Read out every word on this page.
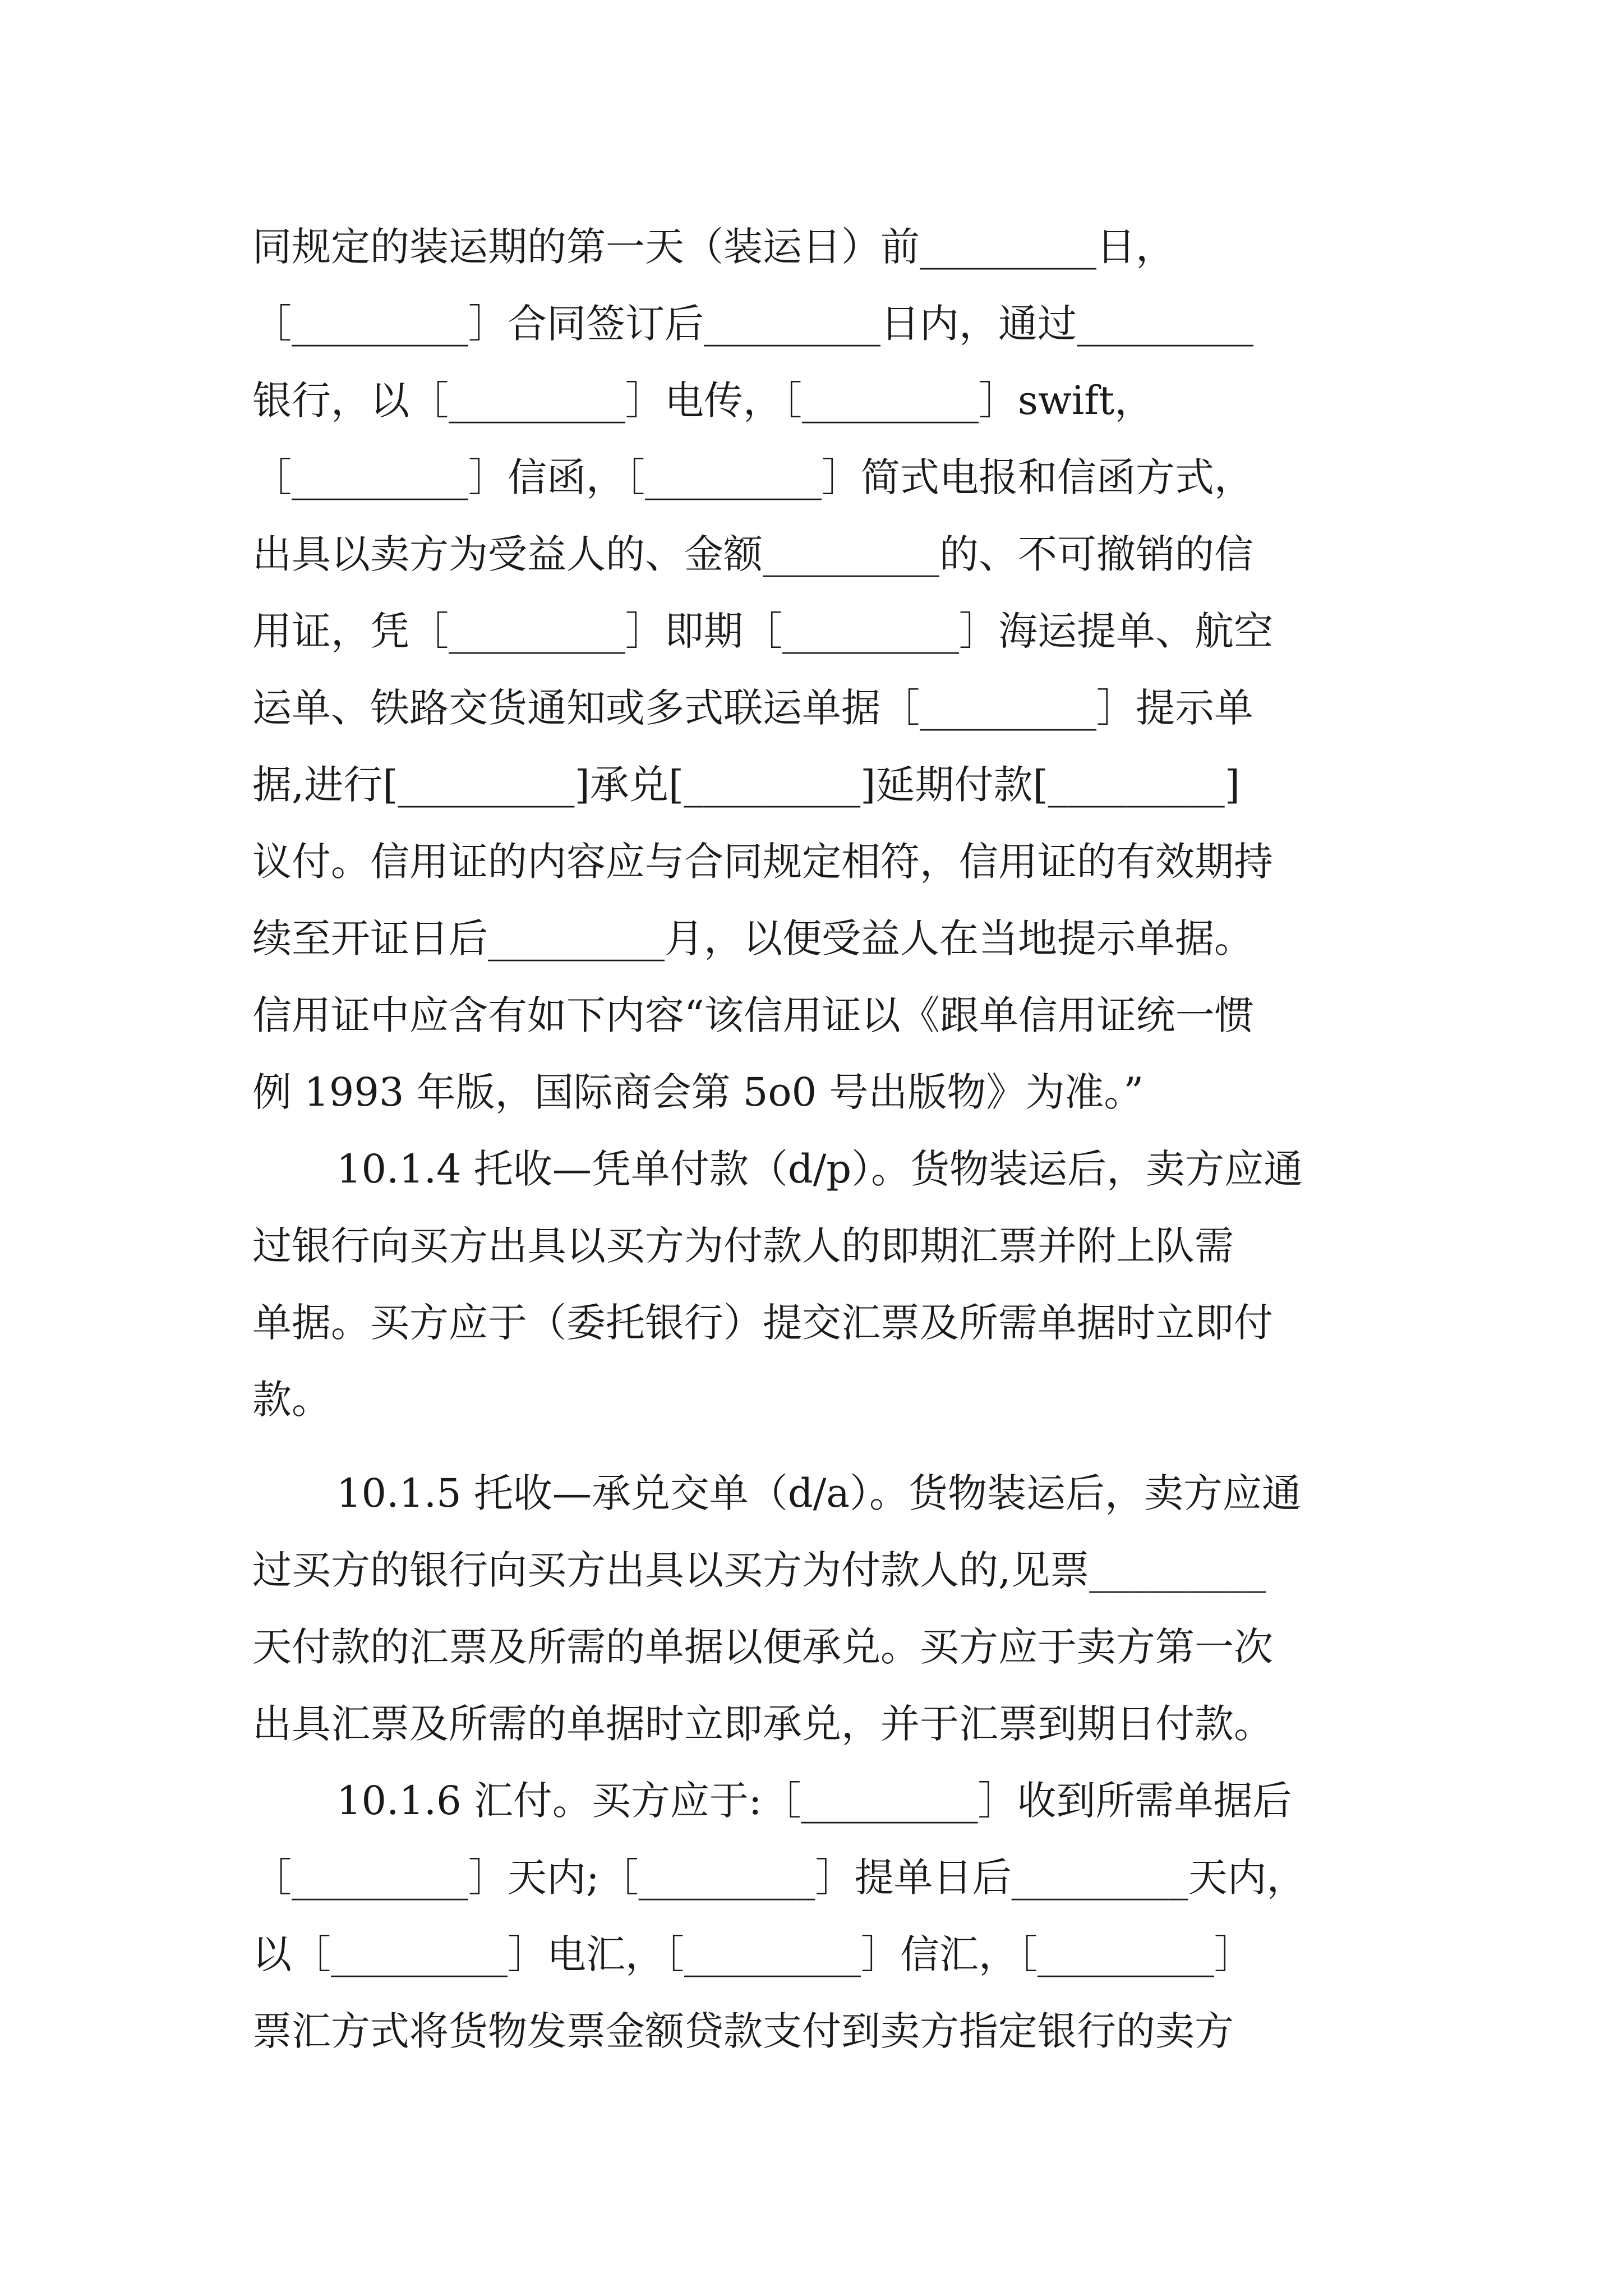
同规定的装运期的第一天（装运日）前_________日，
［_________］合同签订后_________日内，通过_________
银行，以［_________］电传，［_________］swift，
［_________］信函，［_________］简式电报和信函方式，
出具以卖方为受益人的、金额_________的、不可撤销的信
用证，凭［_________］即期［_________］海运提单、航空
运单、铁路交货通知或多式联运单据［_________］提示单
据,进行[_________]承兑[_________]延期付款[_________]
议付。信用证的内容应与合同规定相符，信用证的有效期持
续至开证日后_________月，以便受益人在当地提示单据。
信用证中应含有如下内容“该信用证以《跟单信用证统一惯
例 1993 年版，国际商会第 5o0 号出版物》为准。”
10.1.4 托收—凭单付款（d/p）。货物装运后，卖方应通
过银行向买方出具以买方为付款人的即期汇票并附上队需
单据。买方应于（委托银行）提交汇票及所需单据时立即付
款。
10.1.5 托收—承兑交单（d/a）。货物装运后，卖方应通
过买方的银行向买方出具以买方为付款人的,见票_________
天付款的汇票及所需的单据以便承兑。买方应于卖方第一次
出具汇票及所需的单据时立即承兑，并于汇票到期日付款。
10.1.6 汇付。买方应于:［_________］收到所需单据后
［_________］天内;［_________］提单日后_________天内，
以［_________］电汇，［_________］信汇，［_________］
票汇方式将货物发票金额贷款支付到卖方指定银行的卖方
